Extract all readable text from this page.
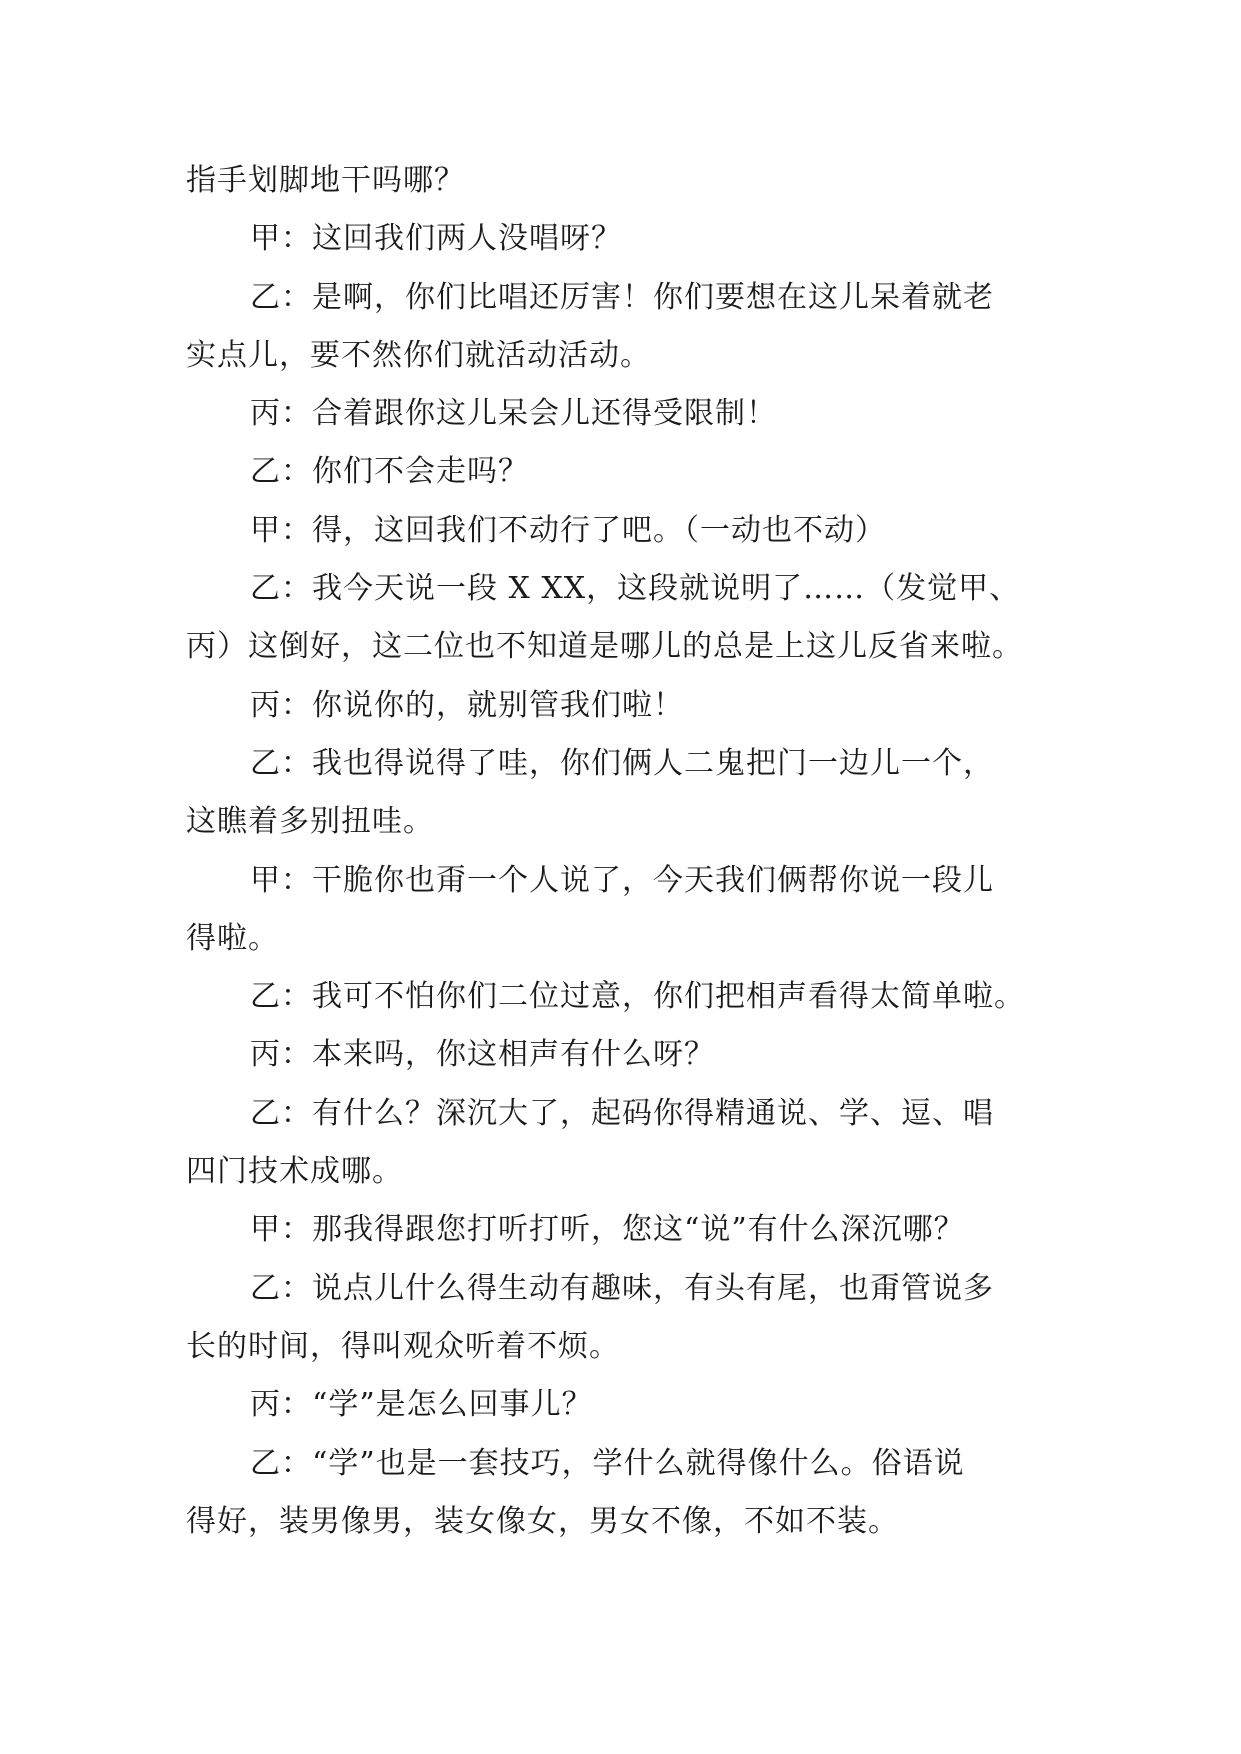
指手划脚地干吗哪？
甲：这回我们两人没唱呀？
乙：是啊，你们比唱还厉害！你们要想在这儿呆着就老
实点儿，要不然你们就活动活动。
丙：合着跟你这儿呆会儿还得受限制！
乙：你们不会走吗？
甲：得，这回我们不动行了吧。（一动也不动）
乙：我今天说一段 X XX，这段就说明了……（发觉甲、
丙）这倒好，这二位也不知道是哪儿的总是上这儿反省来啦。
丙：你说你的，就别管我们啦！
乙：我也得说得了哇，你们俩人二鬼把门一边儿一个，
这瞧着多别扭哇。
甲：干脆你也甭一个人说了，今天我们俩帮你说一段儿
得啦。
乙：我可不怕你们二位过意，你们把相声看得太简单啦。
丙：本来吗，你这相声有什么呀？
乙：有什么？深沉大了，起码你得精通说、学、逗、唱
四门技术成哪。
甲：那我得跟您打听打听，您这“说”有什么深沉哪？
乙：说点儿什么得生动有趣味，有头有尾，也甭管说多
长的时间，得叫观众听着不烦。
丙：“学”是怎么回事儿？
乙：“学”也是一套技巧，学什么就得像什么。俗语说
得好，装男像男，装女像女，男女不像，不如不装。
